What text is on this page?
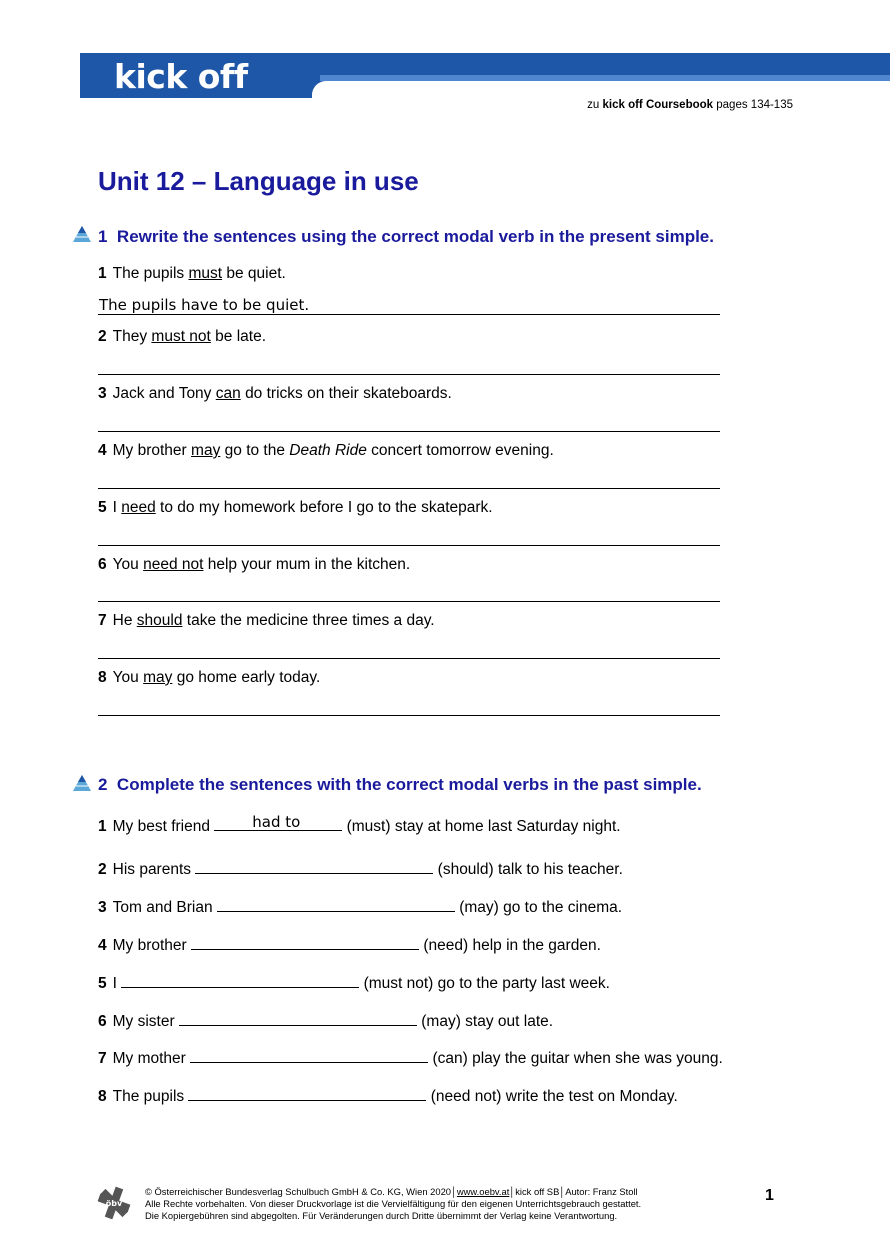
kick off
zu kick off Coursebook pages 134-135
Unit 12 – Language in use
1 Rewrite the sentences using the correct modal verb in the present simple.
1 The pupils must be quiet.
The pupils have to be quiet.
2 They must not be late.
3 Jack and Tony can do tricks on their skateboards.
4 My brother may go to the Death Ride concert tomorrow evening.
5 I need to do my homework before I go to the skatepark.
6 You need not help your mum in the kitchen.
7 He should take the medicine three times a day.
8 You may go home early today.
2 Complete the sentences with the correct modal verbs in the past simple.
1 My best friend	had to	(must) stay at home last Saturday night.
2 His parents	(should) talk to his teacher.
3 Tom and Brian	(may) go to the cinema.
4 My brother	(need) help in the garden.
5 I	(must not) go to the party last week.
6 My sister	(may) stay out late.
7 My mother	(can) play the guitar when she was young.
8 The pupils	(need not) write the test on Monday.
öbv
© Österreichischer Bundesverlag Schulbuch GmbH & Co. KG, Wien 2020│www.oebv.at│kick off SB│Autor: Franz Stoll
Alle Rechte vorbehalten. Von dieser Druckvorlage ist die Vervielfältigung für den eigenen Unterrichtsgebrauch gestattet.
Die Kopiergebühren sind abgegolten. Für Veränderungen durch Dritte übernimmt der Verlag keine Verantwortung.
1
